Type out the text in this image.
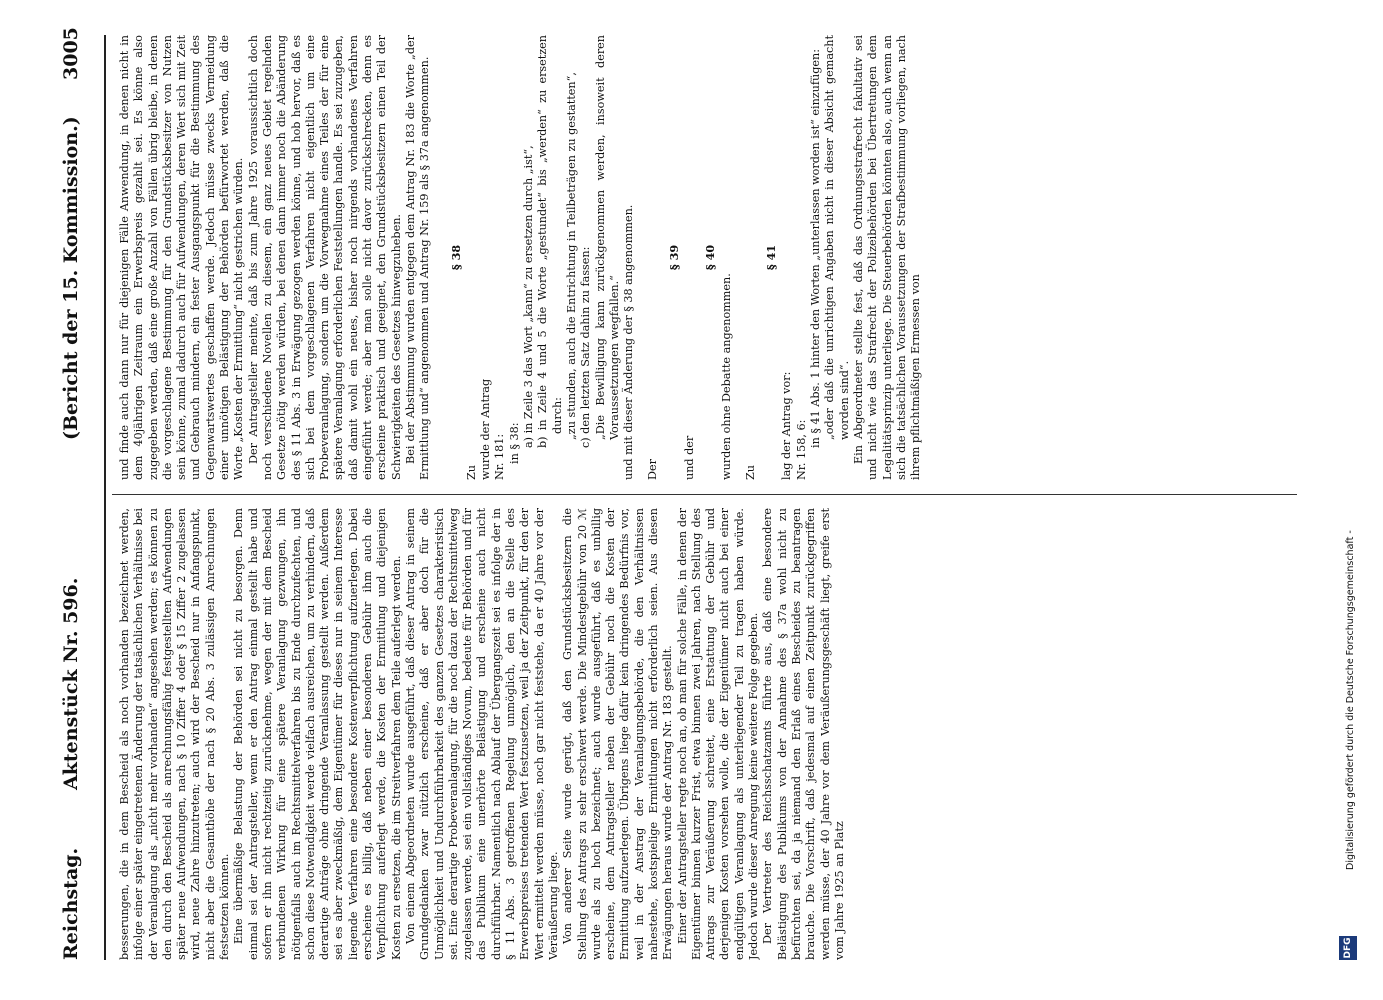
Reichstag.
Aktenstück Nr. 596.
(Bericht der 15. Kommission.)
3005

besserungen, die in dem Bescheid als noch vorhanden bezeichnet werden, infolge einer später eingetretenen Änderung der tatsächlichen Verhältnisse bei der Veranlagung als „nicht mehr vorhanden“ angesehen werden; es können zu den durch den Bescheid als anrechnungsfähig festgestellten Aufwendungen später neue Aufwendungen, nach § 10 Ziffer 4 oder § 15 Ziffer 2 zugelassen wird, neue Zahre hinzutreten; auch wird der Bescheid nur in Anfangspunkt, nicht aber die Gesamthöhe der nach § 20 Abs. 3 zulässigen Anrechnungen festsetzen können. Eine übermäßige Belastung der Behörden sei nicht zu besorgen. Denn einmal sei der Antragsteller, wenn er den Antrag einmal gestellt habe und sofern er ihn nicht rechtzeitig zurücknehme, wegen der mit dem Bescheid verbundenen Wirkung für eine spätere Veranlagung gezwungen, ihn nötigenfalls auch im Rechtsmittelverfahren bis zu Ende durchzufechten, und schon diese Notwendigkeit werde vielfach ausreichen, um zu verhindern, daß derartige Anträge ohne dringende Veranlassung gestellt werden. Außerdem sei es aber zweckmäßig, dem Eigentümer für dieses nur in seinem Interesse liegende Verfahren eine besondere Kostenverpflichtung aufzuerlegen. Dabei erscheine es billig, daß neben einer besonderen Gebühr ihm auch die Verpflichtung auferlegt werde, die Kosten der Ermittlung und diejenigen Kosten zu ersetzen, die im Streitverfahren dem Teile auferlegt werden. Von einem Abgeordneten wurde ausgeführt, daß dieser Antrag in seinem Grundgedanken zwar nützlich erscheine, daß er aber doch für die Unmöglichkeit und Undurchführbarkeit des ganzen Gesetzes charakteristisch sei. Eine derartige Probeveranlagung, für die noch dazu der Rechtsmittelweg zugelassen werde, sei ein vollständiges Novum, bedeute für Behörden und für das Publikum eine unerhörte Belästigung und erscheine auch nicht durchführbar. Namentlich nach Ablauf der Übergangszeit sei es infolge der in § 11 Abs. 3 getroffenen Regelung unmöglich, den an die Stelle des Erwerbspreises tretenden Wert festzusetzen, weil ja der Zeitpunkt, für den der Wert ermittelt werden müsse, noch gar nicht feststehe, da er 40 Jahre vor der Veräußerung liege. Von anderer Seite wurde gerügt, daß den Grundstücksbesitzern die Stellung des Antrags zu sehr erschwert werde. Die Mindestgebühr von 20 ℳ wurde als zu hoch bezeichnet; auch wurde ausgeführt, daß es unbillig erscheine, dem Antragsteller neben der Gebühr noch die Kosten der Ermittlung aufzuerlegen. Übrigens liege dafür kein dringendes Bedürfnis vor, weil in der Anstrag der Veranlagungsbehörde, die den Verhältnissen nahestehe, kostspielige Ermittlungen nicht erforderlich seien. Aus diesen Erwägungen heraus wurde der Antrag Nr. 183 gestellt. Einer der Antragsteller regte noch an, ob man für solche Fälle, in denen der Eigentümer binnen kurzer Frist, etwa binnen zwei Jahren, nach Stellung des Antrags zur Veräußerung schreitet, eine Erstattung der Gebühr und derjenigen Kosten vorsehen wolle, die der Eigentümer nicht auch bei einer endgültigen Veranlagung als unterliegender Teil zu tragen haben würde. Jedoch wurde dieser Anregung keine weitere Folge gegeben. Der Vertreter des Reichsschatzamts führte aus, daß eine besondere Belästigung des Publikums von der Annahme des § 37a wohl nicht zu befürchten sei, da ja niemand den Erlaß eines Bescheides zu beantragen brauche. Die Vorschrift, daß jedesmal auf einen Zeitpunkt zurückgegriffen werden müsse, der 40 Jahre vor dem Veräußerungsgeschäft liegt, greife erst vom Jahre 1925 an Platz

und finde auch dann nur für diejenigen Fälle Anwendung, in denen nicht in dem 40jährigen Zeitraum ein Erwerbspreis gezahlt sei. Es könne also zugegeben werden, daß eine große Anzahl von Fällen übrig bleibe, in denen die vorgeschlagene Bestimmung für den Grundstücksbesitzer von Nutzen sein könne, zumal dadurch auch für Aufwendungen, deren Wert sich mit Zeit und Gebrauch mindern, ein fester Ausgangspunkt für die Bestimmung des Gegenwartswertes geschaffen werde. Jedoch müsse zwecks Vermeidung einer unnötigen Belästigung der Behörden befürwortet werden, daß die Worte „Kosten der Ermittlung“ nicht gestrichen würden. Der Antragsteller meinte, daß bis zum Jahre 1925 voraussichtlich doch noch verschiedene Novellen zu diesem, ein ganz neues Gebiet regelnden Gesetze nötig werden würden, bei denen dann immer noch die Abänderung des § 11 Abs. 3 in Erwägung gezogen werden könne, und hob hervor, daß es sich bei dem vorgeschlagenen Verfahren nicht eigentlich um eine Probeveranlagung, sondern um die Vorwegnahme eines Teiles der für eine spätere Veranlagung erforderlichen Feststellungen handle. Es sei zuzugeben, daß damit wohl ein neues, bisher noch nirgends vorhandenes Verfahren eingeführt werde; aber man solle nicht davor zurückschrecken, denn es erscheine praktisch und geeignet, den Grundstücksbesitzern einen Teil der Schwierigkeiten des Gesetzes hinwegzuheben. Bei der Abstimmung wurden entgegen dem Antrag Nr. 183 die Worte „der Ermittlung und“ angenommen und Antrag Nr. 159 als § 37a angenommen. § 38

Zu wurde der Antrag Nr. 181: in § 38: a) in Zeile 3 das Wort „kann“ zu ersetzen durch „ist“, b) in Zeile 4 und 5 die Worte „gestundet“ bis „werden“ zu ersetzen durch: „zu stunden, auch die Entrichtung in Teilbeträgen zu gestatten“, c) den letzten Satz dahin zu fassen: „Die Bewilligung kann zurückgenommen werden, insoweit deren Voraussetzungen wegfallen.“ und mit dieser Änderung der § 38 angenommen. Der

§ 39

und der

§ 40

wurden ohne Debatte angenommen. Zu

§ 41

lag der Antrag vor: Nr. 158, 6:

in § 41 Abs. 1 hinter den Worten „unterlassen worden ist“ einzufügen: „oder daß die unrichtigen Angaben nicht in dieser Absicht gemacht worden sind“. Ein Abgeordneter stellte fest, daß das Ordnungsstrafrecht fakultativ sei und nicht wie das Strafrecht der Polizeibehörden bei Übertretungen dem Legalitätsprinzip unterliege. Die Steuerbehörden könnten also, auch wenn an sich die tatsächlichen Voraussetzungen der Strafbestimmung vorliegen, nach ihrem pflichtmäßigen Ermessen von

DFG
Digitalisierung gefördert durch die Deutsche Forschungsgemeinschaft -
